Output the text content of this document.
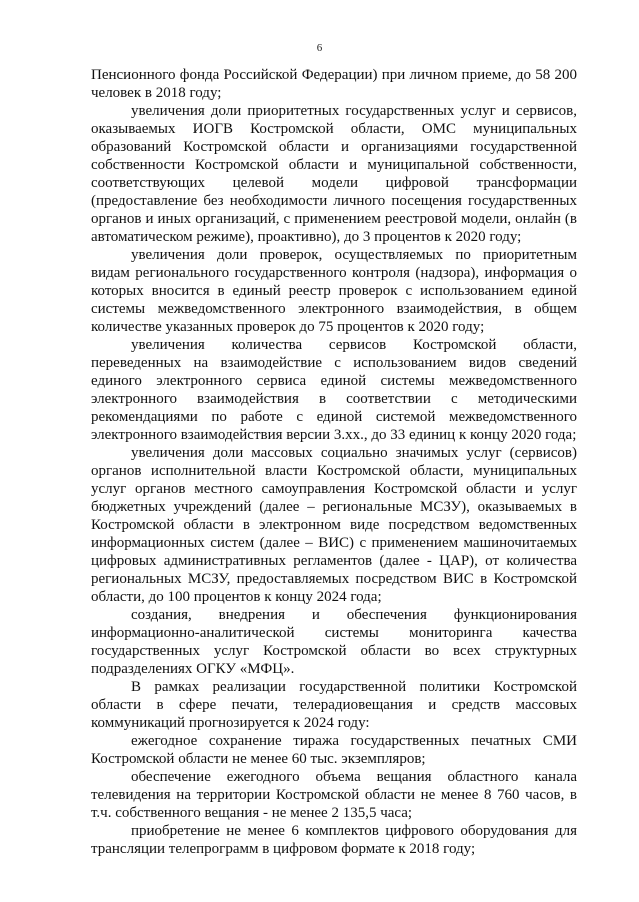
6

Пенсионного фонда Российской Федерации) при личном приеме, до 58 200 человек в 2018 году;

увеличения доли приоритетных государственных услуг и сервисов, оказываемых ИОГВ Костромской области, ОМС муниципальных образований Костромской области и организациями государственной собственности Костромской области и муниципальной собственности, соответствующих целевой модели цифровой трансформации (предоставление без необходимости личного посещения государственных органов и иных организаций, с применением реестровой модели, онлайн (в автоматическом режиме), проактивно), до 3 процентов к 2020 году;

увеличения доли проверок, осуществляемых по приоритетным видам регионального государственного контроля (надзора), информация о которых вносится в единый реестр проверок с использованием единой системы межведомственного электронного взаимодействия, в общем количестве указанных проверок до 75 процентов к 2020 году;

увеличения количества сервисов Костромской области, переведенных на взаимодействие с использованием видов сведений единого электронного сервиса единой системы межведомственного электронного взаимодействия в соответствии с методическими рекомендациями по работе с единой системой межведомственного электронного взаимодействия версии 3.хх., до 33 единиц к концу 2020 года;

увеличения доли массовых социально значимых услуг (сервисов) органов исполнительной власти Костромской области, муниципальных услуг органов местного самоуправления Костромской области и услуг бюджетных учреждений (далее – региональные МСЗУ), оказываемых в Костромской области в электронном виде посредством ведомственных информационных систем (далее – ВИС) с применением машиночитаемых цифровых административных регламентов (далее - ЦАР), от количества региональных МСЗУ, предоставляемых посредством ВИС в Костромской области, до 100 процентов к концу 2024 года;

создания, внедрения и обеспечения функционирования информационно-аналитической системы мониторинга качества государственных услуг Костромской области во всех структурных подразделениях ОГКУ «МФЦ».

В рамках реализации государственной политики Костромской области в сфере печати, телерадиовещания и средств массовых коммуникаций прогнозируется к 2024 году:

ежегодное сохранение тиража государственных печатных СМИ Костромской области не менее 60 тыс. экземпляров;

обеспечение ежегодного объема вещания областного канала телевидения на территории Костромской области не менее 8 760 часов, в т.ч. собственного вещания - не менее 2 135,5 часа;

приобретение не менее 6 комплектов цифрового оборудования для трансляции телепрограмм в цифровом формате к 2018 году;
